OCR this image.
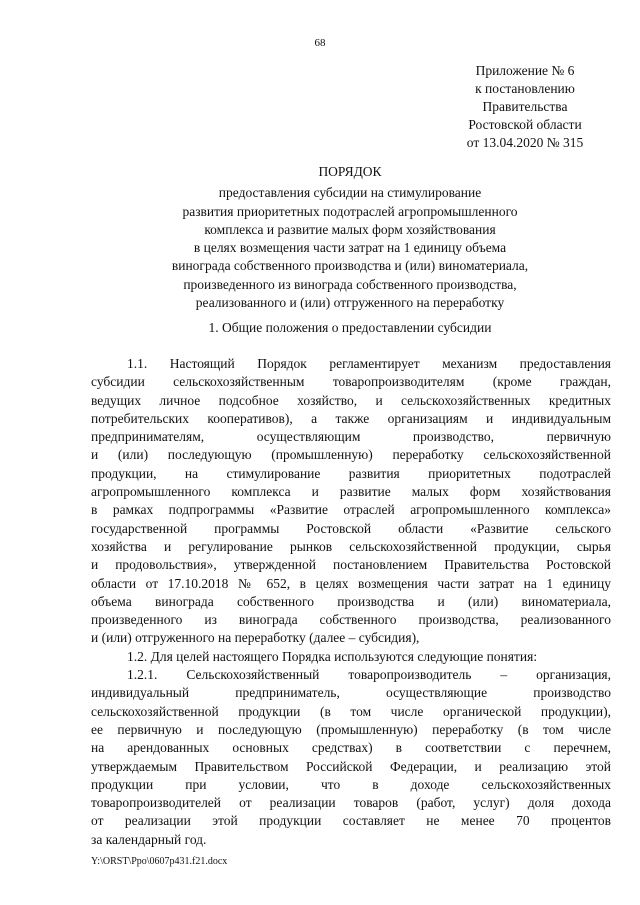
68
Приложение № 6
к постановлению
Правительства
Ростовской области
от 13.04.2020 № 315
ПОРЯДОК
предоставления субсидии на стимулирование
развития приоритетных подотраслей агропромышленного
комплекса и развитие малых форм хозяйствования
в целях возмещения части затрат на 1 единицу объема
винограда собственного производства и (или) виноматериала,
произведенного из винограда собственного производства,
реализованного и (или) отгруженного на переработку
1. Общие положения о предоставлении субсидии
1.1. Настоящий Порядок регламентирует механизм предоставления
субсидии сельскохозяйственным товаропроизводителям (кроме граждан,
ведущих личное подсобное хозяйство, и сельскохозяйственных кредитных
потребительских кооперативов), а также организациям и индивидуальным
предпринимателям, осуществляющим производство, первичную
и (или) последующую (промышленную) переработку сельскохозяйственной
продукции, на стимулирование развития приоритетных подотраслей
агропромышленного комплекса и развитие малых форм хозяйствования
в рамках подпрограммы «Развитие отраслей агропромышленного комплекса»
государственной программы Ростовской области «Развитие сельского
хозяйства и регулирование рынков сельскохозяйственной продукции, сырья
и продовольствия», утвержденной постановлением Правительства Ростовской
области от 17.10.2018 № 652, в целях возмещения части затрат на 1 единицу
объема винограда собственного производства и (или) виноматериала,
произведенного из винограда собственного производства, реализованного
и (или) отгруженного на переработку (далее – субсидия),
1.2. Для целей настоящего Порядка используются следующие понятия:
1.2.1. Сельскохозяйственный товаропроизводитель – организация,
индивидуальный предприниматель, осуществляющие производство
сельскохозяйственной продукции (в том числе органической продукции),
ее первичную и последующую (промышленную) переработку (в том числе
на арендованных основных средствах) в соответствии с перечнем,
утверждаемым Правительством Российской Федерации, и реализацию этой
продукции при условии, что в доходе сельскохозяйственных
товаропроизводителей от реализации товаров (работ, услуг) доля дохода
от реализации этой продукции составляет не менее 70 процентов
за календарный год.
Y:\ORST\Ppo\0607p431.f21.docx
